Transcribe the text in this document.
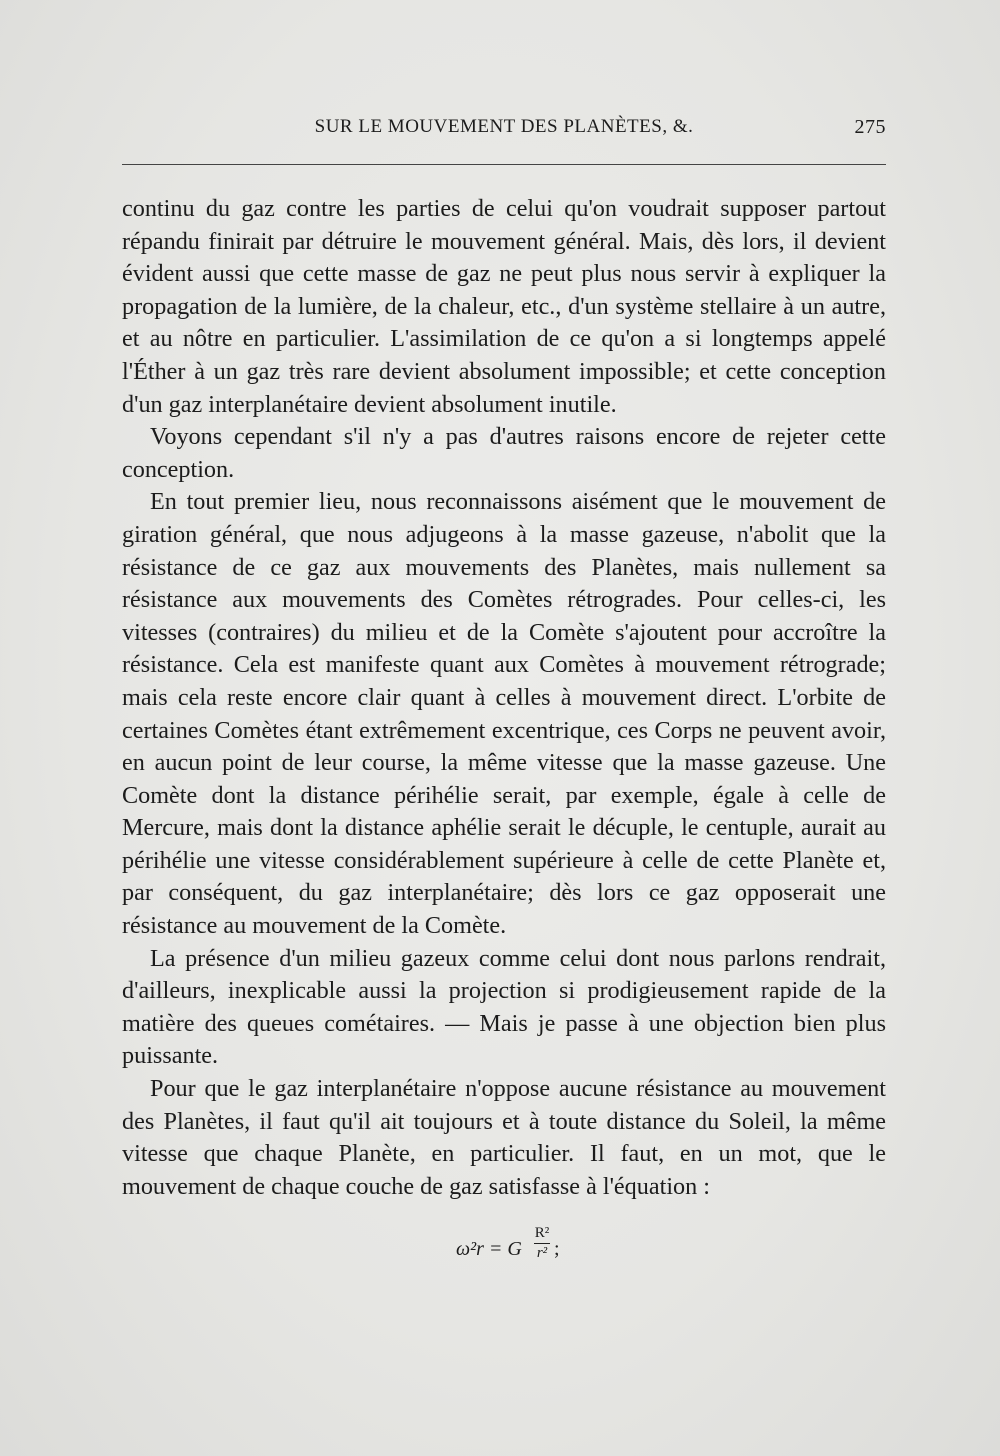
SUR LE MOUVEMENT DES PLANÈTES, &.	275

continu du gaz contre les parties de celui qu'on voudrait supposer partout répandu finirait par détruire le mouvement général. Mais, dès lors, il devient évident aussi que cette masse de gaz ne peut plus nous servir à expliquer la propagation de la lumière, de la chaleur, etc., d'un système stellaire à un autre, et au nôtre en particulier. L'assimilation de ce qu'on a si longtemps appelé l'Éther à un gaz très rare devient absolument impossible; et cette conception d'un gaz interplanétaire devient absolument inutile.

Voyons cependant s'il n'y a pas d'autres raisons encore de rejeter cette conception.

En tout premier lieu, nous reconnaissons aisément que le mouvement de giration général, que nous adjugeons à la masse gazeuse, n'abolit que la résistance de ce gaz aux mouvements des Planètes, mais nullement sa résistance aux mouvements des Comètes rétrogrades. Pour celles-ci, les vitesses (contraires) du milieu et de la Comète s'ajoutent pour accroître la résistance. Cela est manifeste quant aux Comètes à mouvement rétrograde; mais cela reste encore clair quant à celles à mouvement direct. L'orbite de certaines Comètes étant extrêmement excentrique, ces Corps ne peuvent avoir, en aucun point de leur course, la même vitesse que la masse gazeuse. Une Comète dont la distance périhélie serait, par exemple, égale à celle de Mercure, mais dont la distance aphélie serait le décuple, le centuple, aurait au périhélie une vitesse considérablement supérieure à celle de cette Planète et, par conséquent, du gaz interplanétaire; dès lors ce gaz opposerait une résistance au mouvement de la Comète.

La présence d'un milieu gazeux comme celui dont nous parlons rendrait, d'ailleurs, inexplicable aussi la projection si prodigieusement rapide de la matière des queues cométaires. — Mais je passe à une objection bien plus puissante.

Pour que le gaz interplanétaire n'oppose aucune résistance au mouvement des Planètes, il faut qu'il ait toujours et à toute distance du Soleil, la même vitesse que chaque Planète, en particulier. Il faut, en un mot, que le mouvement de chaque couche de gaz satisfasse à l'équation :

ω²r = G
R²
r² ;
